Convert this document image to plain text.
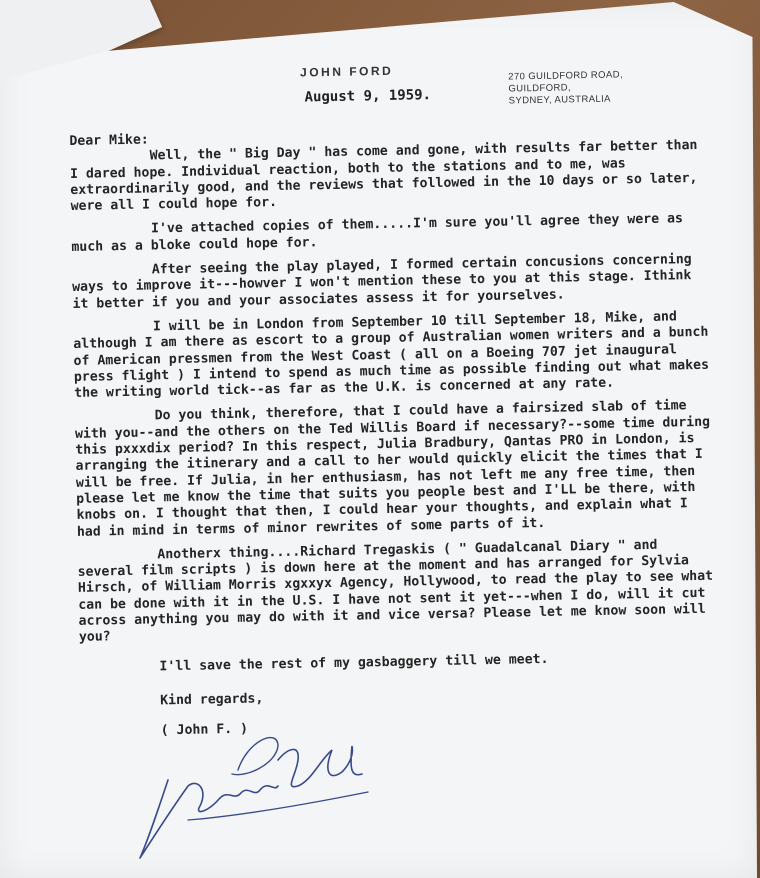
JOHN FORD
August 9, 1959.
270 GUILDFORD ROAD,
GUILDFORD,
SYDNEY, AUSTRALIA

Dear Mike: Well, the " Big Day " has come and gone, with results far better than I dared hope. Individual reaction, both to the stations and to me, was extraordinarily good, and the reviews that followed in the 10 days or so later, were all I could hope for.

I've attached copies of them.....I'm sure you'll agree they were as much as a bloke could hope for.

After seeing the play played, I formed certain concusions concerning ways to improve it---howver I won't mention these to you at this stage. Ithink it better if you and your associates assess it for yourselves.

I will be in London from September 10 till September 18, Mike, and although I am there as escort to a group of Australian women writers and a bunch of American pressmen from the West Coast ( all on a Boeing 707 jet inaugural press flight ) I intend to spend as much time as possible finding out what makes the writing world tick--as far as the U.K. is concerned at any rate.

Do you think, therefore, that I could have a fairsized slab of time with you--and the others on the Ted Willis Board if necessary?--some time during this pxxxdix period? In this respect, Julia Bradbury, Qantas PRO in London, is arranging the itinerary and a call to her would quickly elicit the times that I will be free. If Julia, in her enthusiasm, has not left me any free time, then please let me know the time that suits you people best and I'LL be there, with knobs on. I thought that then, I could hear your thoughts, and explain what I had in mind in terms of minor rewrites of some parts of it.

Anotherx thing....Richard Tregaskis ( " Guadalcanal Diary " and several film scripts ) is down here at the moment and has arranged for Sylvia Hirsch, of William Morris xgxxyx Agency, Hollywood, to read the play to see what can be done with it in the U.S. I have not sent it yet---when I do, will it cut across anything you may do with it and vice versa? Please let me know soon will you?

I'll save the rest of my gasbaggery till we meet.
Kind regards,
( John F. )
